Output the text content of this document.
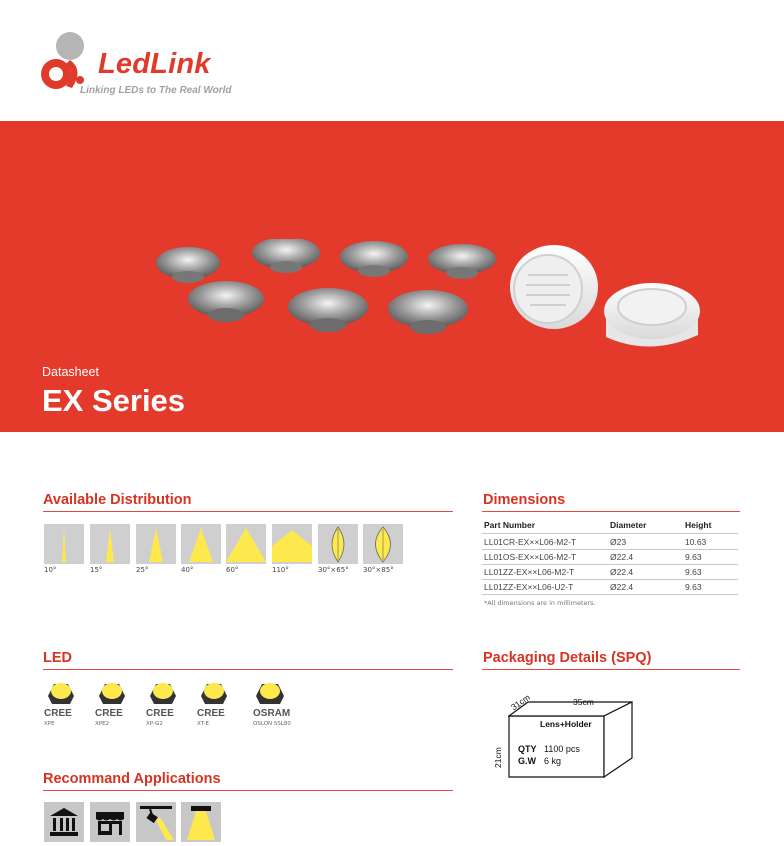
LedLink
Linking LEDs to The Real World
Datasheet
EX Series
Available Distribution
10°	15°	25°	40°	60°	110°	30°×65° 30°×85°
Dimensions
Part Number	Diameter	Height
LL01CR-EX××L06-M2-T	Ø23	10.63
LL01OS-EX××L06-M2-T	Ø22.4	9.63
LL01ZZ-EX××L06-M2-T	Ø22.4	9.63
LL01ZZ-EX××L06-U2-T	Ø22.4	9.63
*All dimensions are in millimeters.
LED
CREE CREE CREE CREE	OSRAM
XPE	XPE2	XP-G2	XT-E	OSLON SSL80
Packaging Details (SPQ)
35cm
31cm
21cm
Lens+Holder
QTY 1100 pcs
G.W 6 kg
Recommand Applications
